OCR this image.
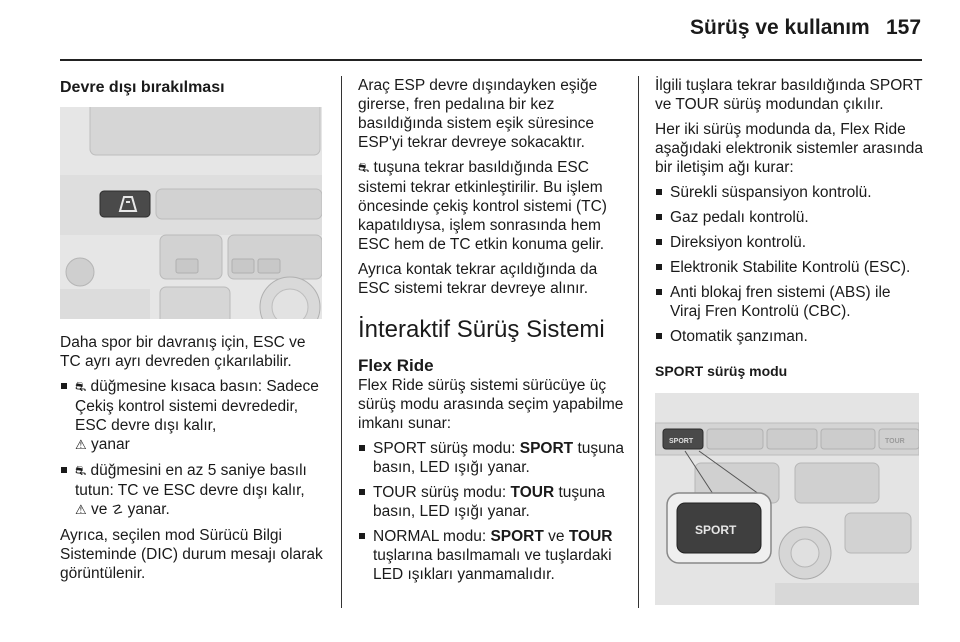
Sürüş ve kullanım 157
Devre dışı bırakılması

Daha spor bir davranış için, ESC ve TC ayrı ayrı devreden çıkarılabilir.

⛐ düğmesine kısaca basın: Sadece Çekiş kontrol sistemi devrededir, ESC devre dışı kalır,
⚠ yanar
⛐ düğmesini en az 5 saniye basılı tutun: TC ve ESC devre dışı kalır,
⚠ ve ☡ yanar.

Ayrıca, seçilen mod Sürücü Bilgi Sisteminde (DIC) durum mesajı olarak görüntülenir.

Araç ESP devre dışındayken eşiğe girerse, fren pedalına bir kez basıldığında sistem eşik süresince ESP'yi tekrar devreye sokacaktır.

⛐ tuşuna tekrar basıldığında ESC sistemi tekrar etkinleştirilir. Bu işlem öncesinde çekiş kontrol sistemi (TC) kapatıldıysa, işlem sonrasında hem ESC hem de TC etkin konuma gelir.

Ayrıca kontak tekrar açıldığında da ESC sistemi tekrar devreye alınır.

İnteraktif Sürüş Sistemi
Flex Ride

Flex Ride sürüş sistemi sürücüye üç sürüş modu arasında seçim yapabilme imkanı sunar:

SPORT sürüş modu: SPORT tuşuna basın, LED ışığı yanar.
TOUR sürüş modu: TOUR tuşuna basın, LED ışığı yanar.
NORMAL modu: SPORT ve TOUR tuşlarına basılmamalı ve tuşlardaki LED ışıkları yanmamalıdır.

İlgili tuşlara tekrar basıldığında SPORT ve TOUR sürüş modundan çıkılır.

Her iki sürüş modunda da, Flex Ride aşağıdaki elektronik sistemler arasında bir iletişim ağı kurar:

Sürekli süspansiyon kontrolü.
Gaz pedalı kontrolü.
Direksiyon kontrolü.
Elektronik Stabilite Kontrolü (ESC).
Anti blokaj fren sistemi (ABS) ile Viraj Fren Kontrolü (CBC).
Otomatik şanzıman.
SPORT sürüş modu
SPORT	TOUR
SPORT
